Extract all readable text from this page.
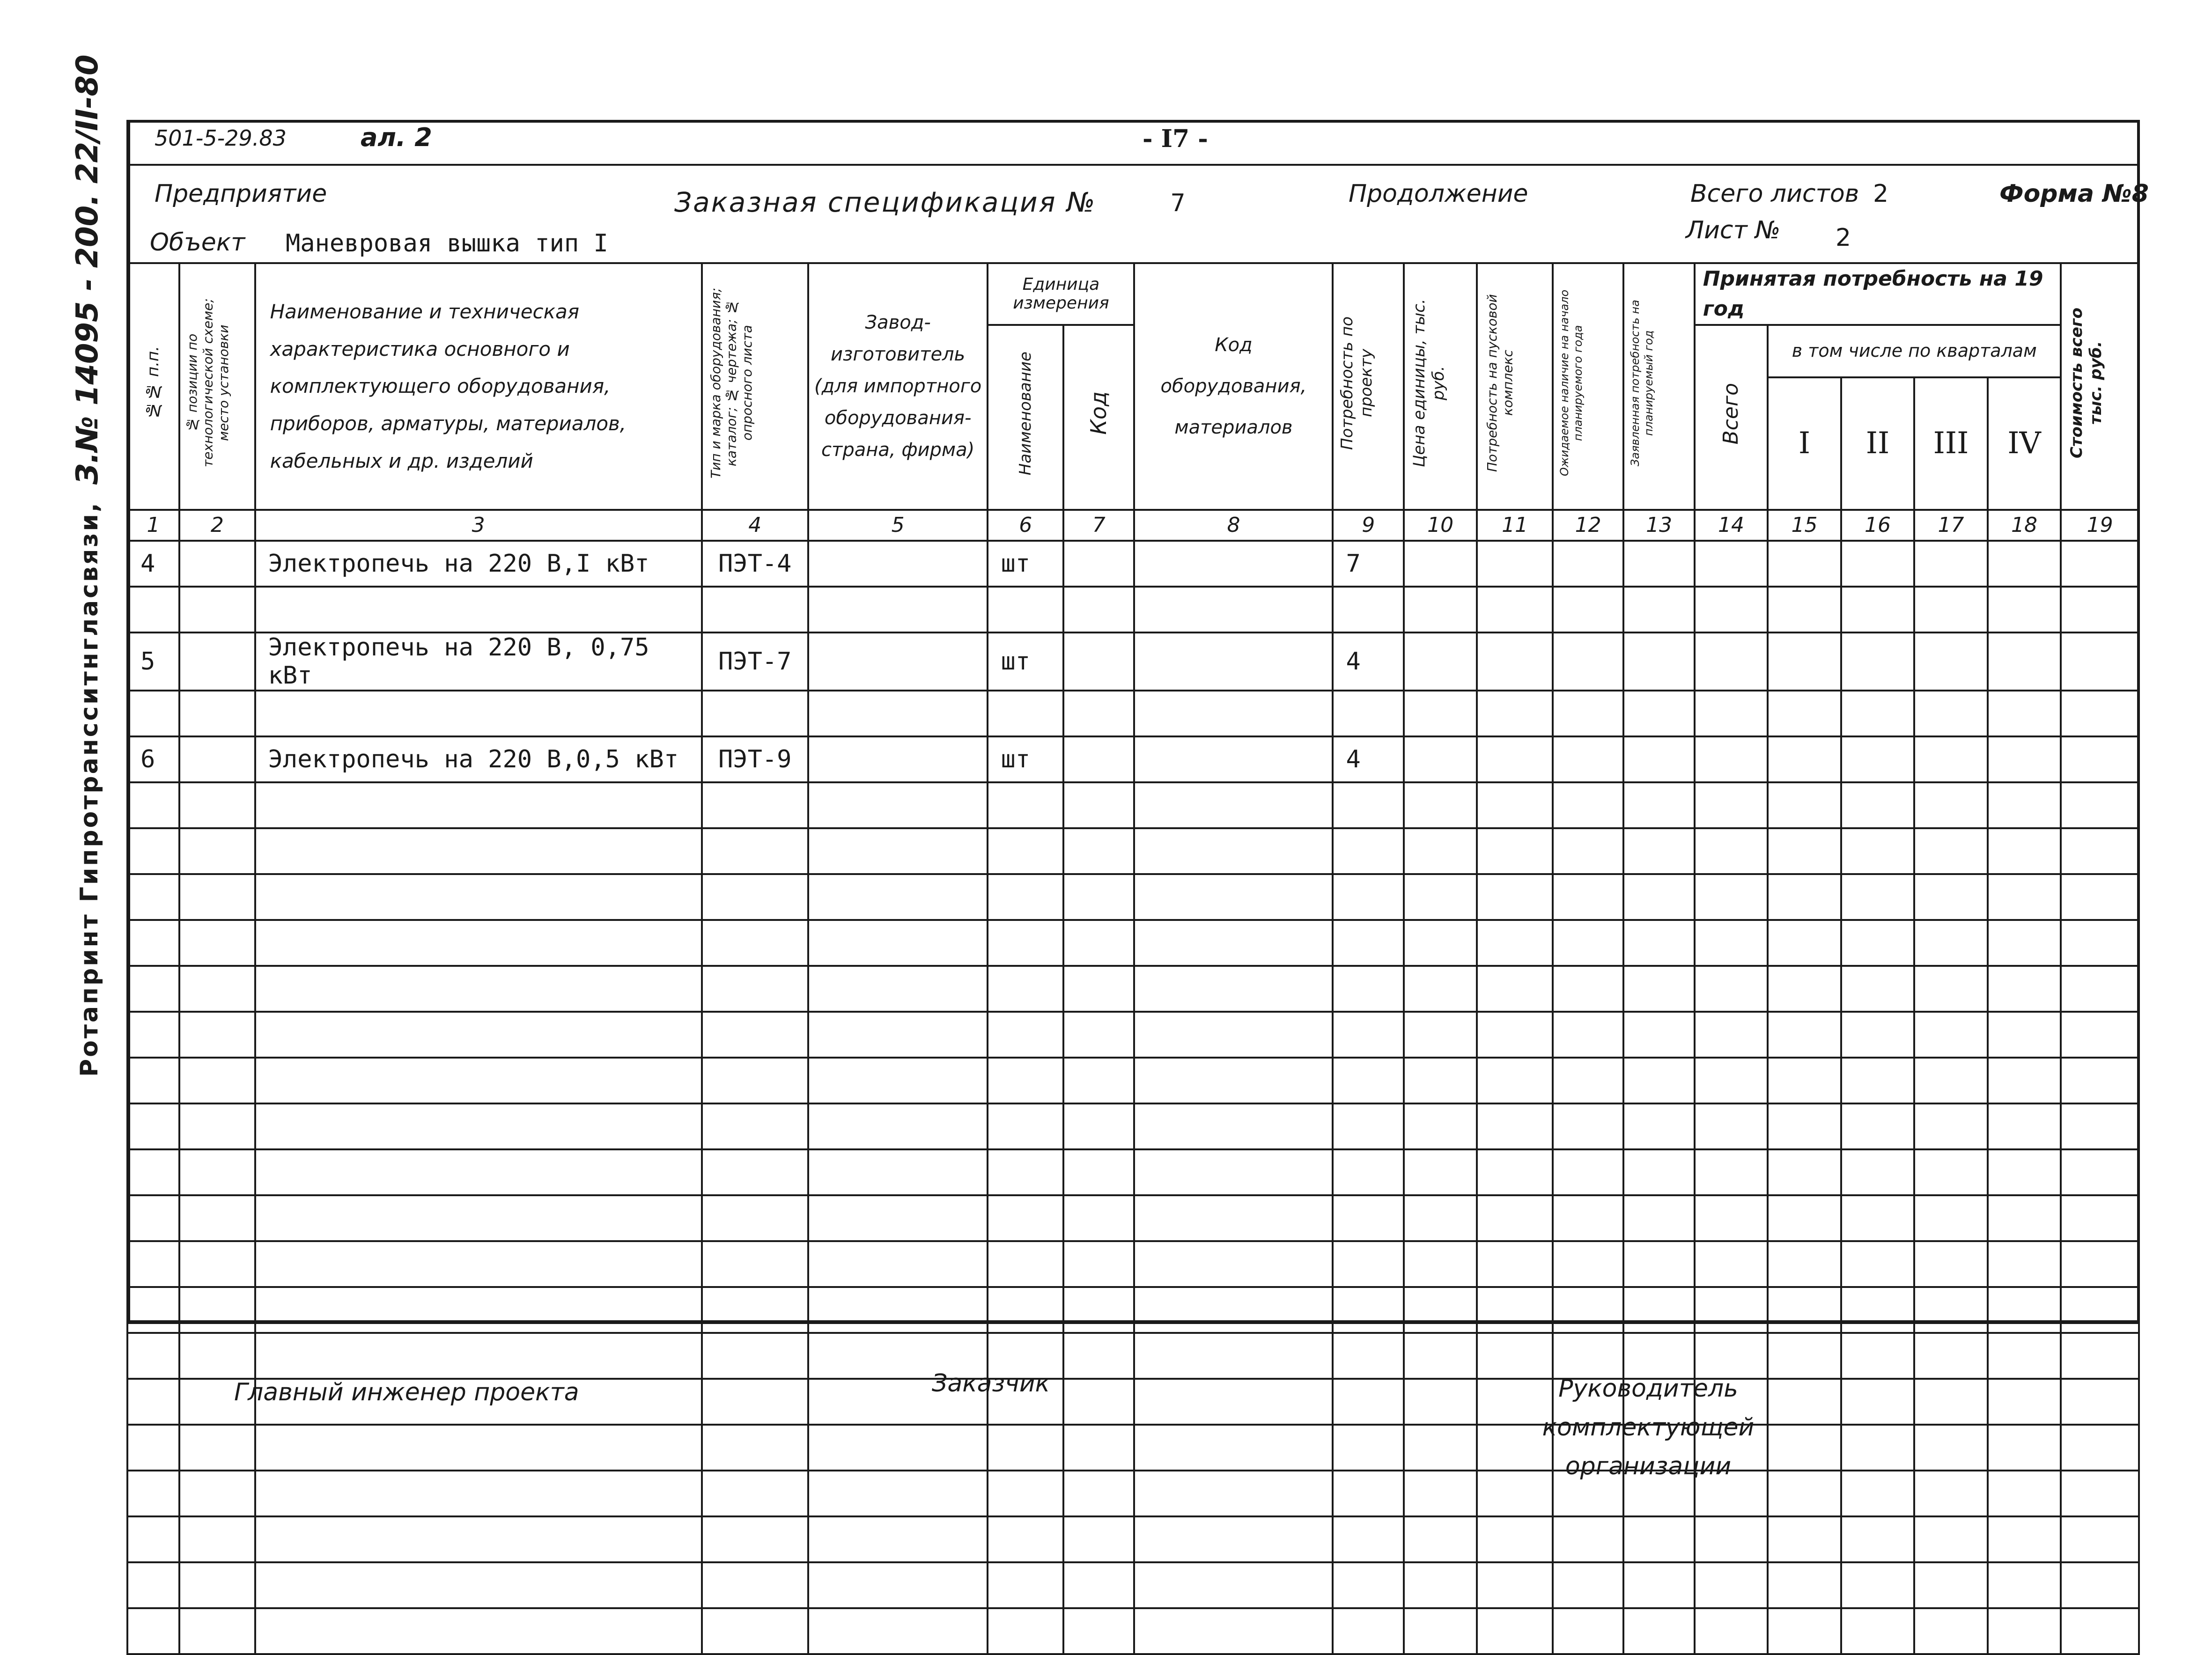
Ротапринт Гипротрансситнгласвязи, З.№ 14095 - 200. 22/II-80 501-5-29.83	ал. 2	- I7 -
Предприятие	Заказная спецификация №	7	Продолжение	Всего листов 2	Форма №8
Объект Маневровая вышка тип I	Лист № 2
№№ п.п.	№ позиции по технологической схеме; место установки	Наименование и техническая характеристика основного и комплектующего оборудования, приборов, арматуры, материалов, кабельных и др. изделий	Тип и марка оборудования; каталог; № чертежа; № опросного листа	Завод-изготовитель (для импортного оборудования-страна, фирма)	Единица измерения		Код оборудования, материалов	Потребность по проекту	Цена единицы, тыс. руб.	Потребность на пусковой комплекс	Ожидаемое наличие на начало планируемого года	Заявленная потребность на планируемый год	Принятая потребность на 19 год					Стоимость всего тыс. руб.
					Наименование	Код							Всего	в том числе по кварталам				
														I	II	III	IV	
1	2	3	4	5	6	7	8	9	10	11	12	13	14	15	16	17	18	19
4		Электропечь на 220 В,I кВт	ПЭТ-4		шт			7										

5		Электропечь на 220 В, 0,75 кВт	ПЭТ-7		шт			4										

6		Электропечь на 220 В,0,5 кВт	ПЭТ-9		шт			4										

Главный инженер проекта	Заказчик	Руководитель комплектующей организации
